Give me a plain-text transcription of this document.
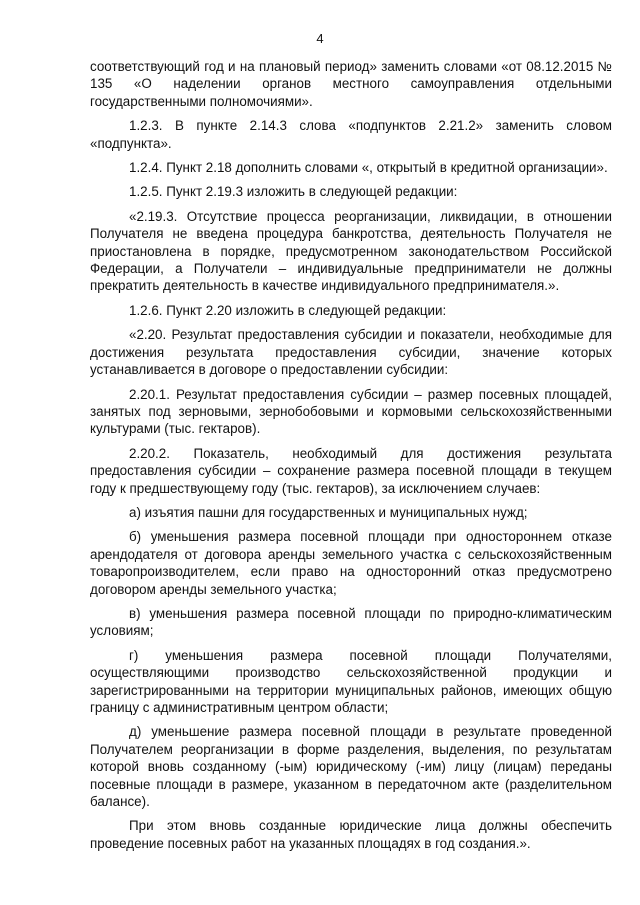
4

соответствующий год и на плановый период» заменить словами «от 08.12.2015 № 135 «О наделении органов местного самоуправления отдельными государственными полномочиями».

1.2.3. В пункте 2.14.3 слова «подпунктов 2.21.2» заменить словом «подпункта».

1.2.4. Пункт 2.18 дополнить словами «, открытый в кредитной организации».

1.2.5. Пункт 2.19.3 изложить в следующей редакции:

«2.19.3. Отсутствие процесса реорганизации, ликвидации, в отношении Получателя не введена процедура банкротства, деятельность Получателя не приостановлена в порядке, предусмотренном законодательством Российской Федерации, а Получатели – индивидуальные предприниматели не должны прекратить деятельность в качестве индивидуального предпринимателя.».

1.2.6. Пункт 2.20 изложить в следующей редакции:

«2.20. Результат предоставления субсидии и показатели, необходимые для достижения результата предоставления субсидии, значение которых устанавливается в договоре о предоставлении субсидии:

2.20.1. Результат предоставления субсидии – размер посевных площадей, занятых под зерновыми, зернобобовыми и кормовыми сельскохозяйственными культурами (тыс. гектаров).

2.20.2. Показатель, необходимый для достижения результата предоставления субсидии – сохранение размера посевной площади в текущем году к предшествующему году (тыс. гектаров), за исключением случаев:

а) изъятия пашни для государственных и муниципальных нужд;

б) уменьшения размера посевной площади при одностороннем отказе арендодателя от договора аренды земельного участка с сельскохозяйственным товаропроизводителем, если право на односторонний отказ предусмотрено договором аренды земельного участка;

в) уменьшения размера посевной площади по природно-климатическим условиям;

г) уменьшения размера посевной площади Получателями, осуществляющими производство сельскохозяйственной продукции и зарегистрированными на территории муниципальных районов, имеющих общую границу с административным центром области;

д) уменьшение размера посевной площади в результате проведенной Получателем реорганизации в форме разделения, выделения, по результатам которой вновь созданному (-ым) юридическому (-им) лицу (лицам) переданы посевные площади в размере, указанном в передаточном акте (разделительном балансе).

При этом вновь созданные юридические лица должны обеспечить проведение посевных работ на указанных площадях в год создания.».
